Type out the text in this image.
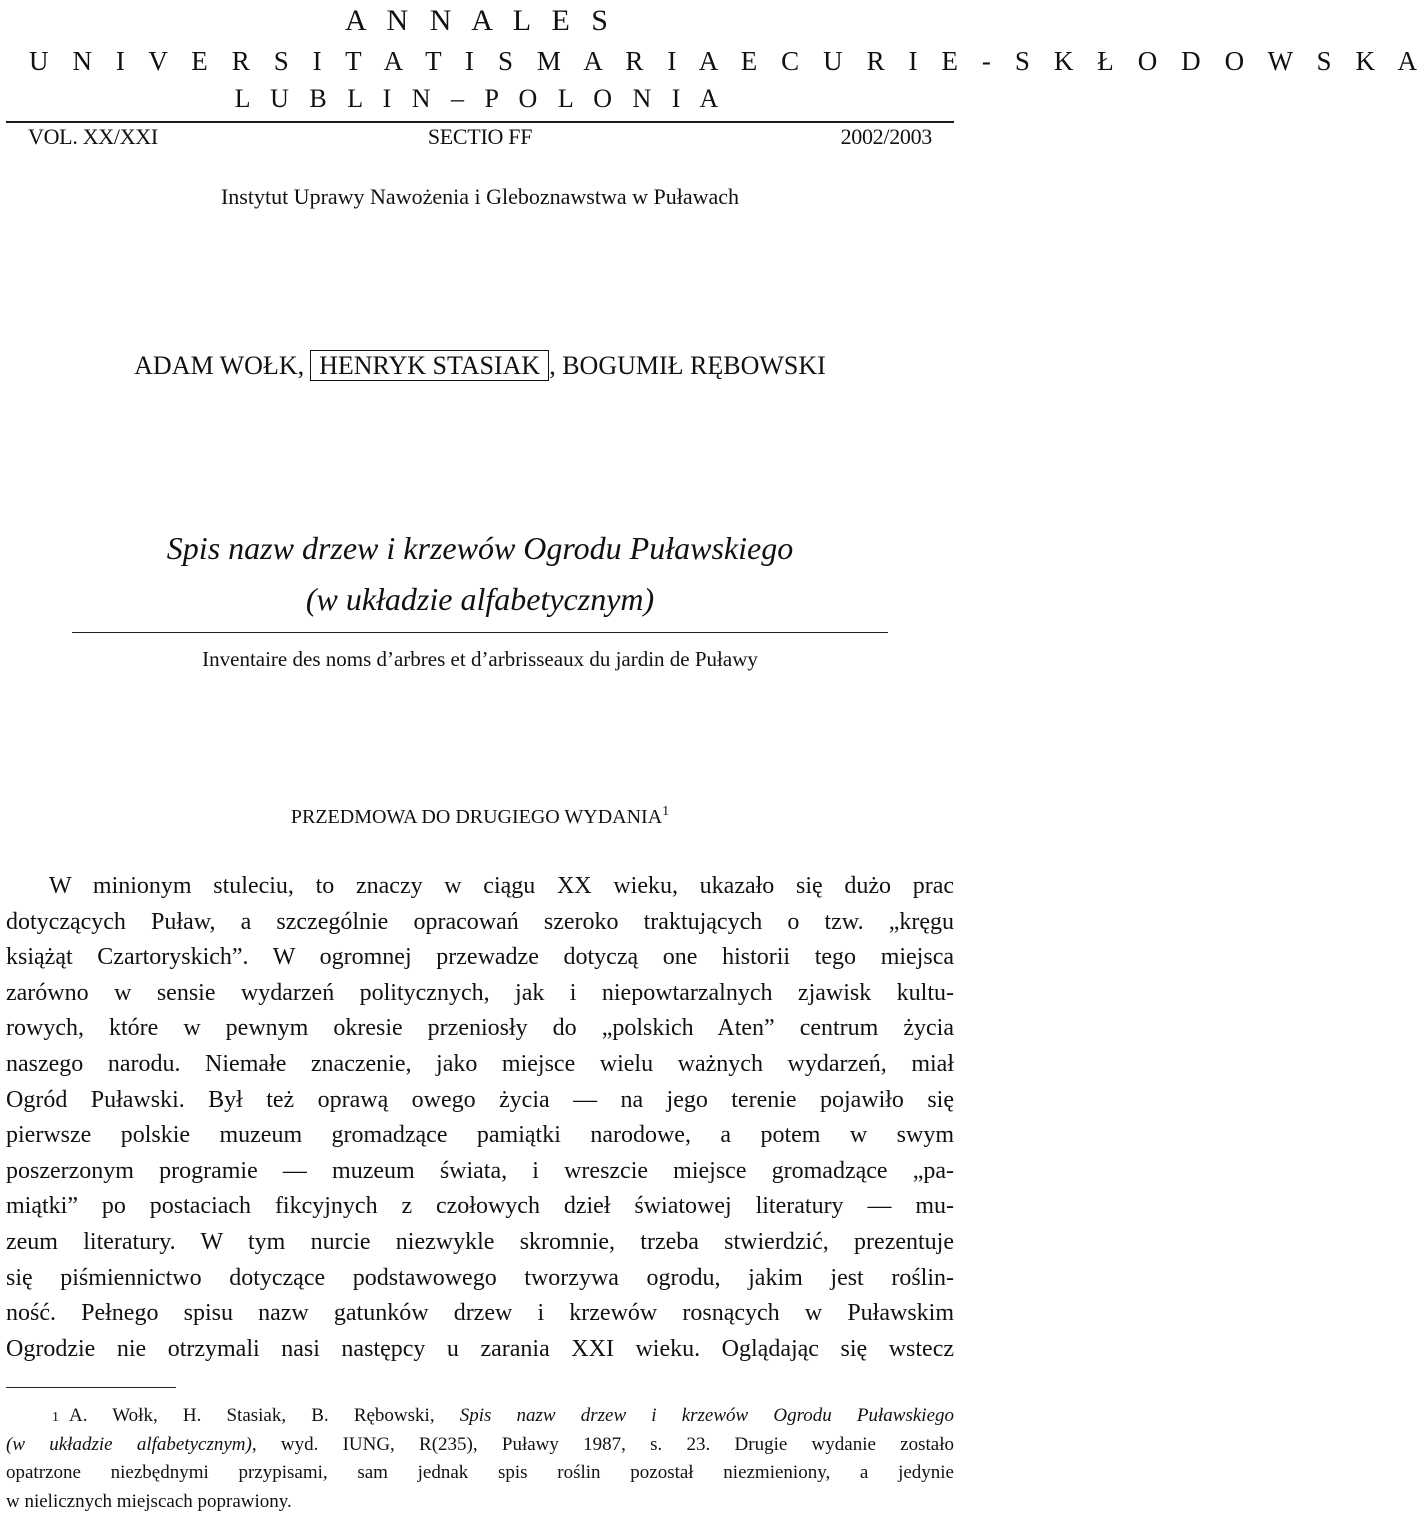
A N N A L E S
U N I V E R S I T A T I S M A R I A E C U R I E - S K Ł O D O W S K A
L U B L I N – P O L O N I A
VOL. XX/XXI	SECTIO FF	2002/2003
Instytut Uprawy Nawożenia i Gleboznawstwa w Puławach
ADAM WOŁK, HENRYK STASIAK , BOGUMIŁ RĘBOWSKI
Spis nazw drzew i krzewów Ogrodu Puławskiego
(w układzie alfabetycznym)
Inventaire des noms d’arbres et d’arbrisseaux du jardin de Puławy
PRZEDMOWA DO DRUGIEGO WYDANIA$^1$
W minionym stuleciu, to znaczy w ciągu XX wieku, ukazało się dużo prac
dotyczących Puław, a szczególnie opracowań szeroko traktujących o tzw. „kręgu
książąt Czartoryskich”. W ogromnej przewadze dotyczą one historii tego miejsca
zarówno w sensie wydarzeń politycznych, jak i niepowtarzalnych zjawisk kultu-
rowych, które w pewnym okresie przeniosły do „polskich Aten” centrum życia
naszego narodu. Niemałe znaczenie, jako miejsce wielu ważnych wydarzeń, miał
Ogród Puławski. Był też oprawą owego życia — na jego terenie pojawiło się
pierwsze polskie muzeum gromadzące pamiątki narodowe, a potem w swym
poszerzonym programie — muzeum świata, i wreszcie miejsce gromadzące „pa-
miątki” po postaciach fikcyjnych z czołowych dzieł światowej literatury — mu-
zeum literatury. W tym nurcie niezwykle skromnie, trzeba stwierdzić, prezentuje
się piśmiennictwo dotyczące podstawowego tworzywa ogrodu, jakim jest roślin-
ność. Pełnego spisu nazw gatunków drzew i krzewów rosnących w Puławskim
Ogrodzie nie otrzymali nasi następcy u zarania XXI wieku. Oglądając się wstecz
$^1$ A. Wołk, H. Stasiak, B. Rębowski, Spis nazw drzew i krzewów Ogrodu Puławskiego
(w układzie alfabetycznym), wyd. IUNG, R(235), Puławy 1987, s. 23. Drugie wydanie zostało
opatrzone niezbędnymi przypisami, sam jednak spis roślin pozostał niezmieniony, a jedynie
w nielicznych miejscach poprawiony.
